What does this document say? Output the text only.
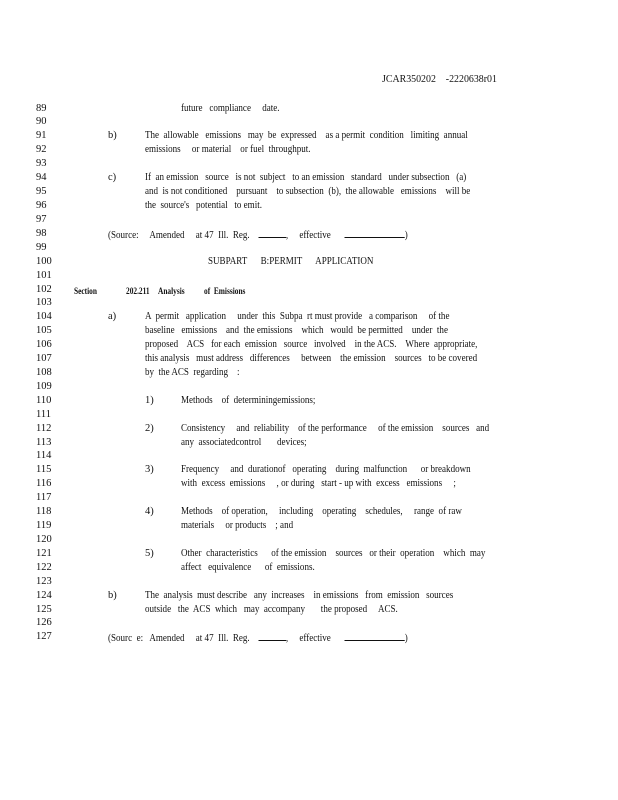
JCAR350202    -2220638r01
89	future   compliance     date.
90
91	b)	The  allowable   emissions   may  be  expressed    as a permit  condition   limiting  annual
92	emissions     or material    or fuel  throughput.
93
94	c)	If  an emission   source   is not  subject   to an emission   standard   under subsection   (a)
95	and  is not conditioned    pursuant    to subsection  (b),  the allowable   emissions    will be
96	the  source's   potential   to emit.
97
98	(Source:     Amended     at 47  Ill.  Reg.	,     effective	)
99
100	SUBPART      B:PERMIT      APPLICATION
101
102	Section	202.211 Analysis of  Emissions
103
104	a)	A  permit   application     under  this  Subpa  rt must provide   a comparison     of the
105	baseline   emissions    and  the emissions    which   would  be permitted    under  the
106	proposed    ACS   for each  emission   source   involved    in the ACS.    Where  appropriate,
107	this analysis   must address   differences     between    the emission    sources   to be covered
108	by  the ACS  regarding    :
109
110	1)	Methods    of  determiningemissions;
111
112	2)	Consistency     and  reliability    of the performance     of the emission    sources   and
113	any  associatedcontrol       devices;
114
115	3)	Frequency     and  durationof   operating    during  malfunction      or breakdown
116	with  excess  emissions     , or during   start - up with  excess   emissions     ;
117
118	4)	Methods    of operation,     including    operating    schedules,     range  of raw
119	materials     or products    ; and
120
121	5)	Other  characteristics      of the emission    sources   or their  operation    which  may
122	affect   equivalence      of  emissions.
123
124	b)	The  analysis  must describe   any  increases    in emissions   from  emission   sources
125	outside   the  ACS  which   may  accompany       the proposed     ACS.
126
127	(Sourc  e:   Amended     at 47  Ill.  Reg.	,     effective	)
